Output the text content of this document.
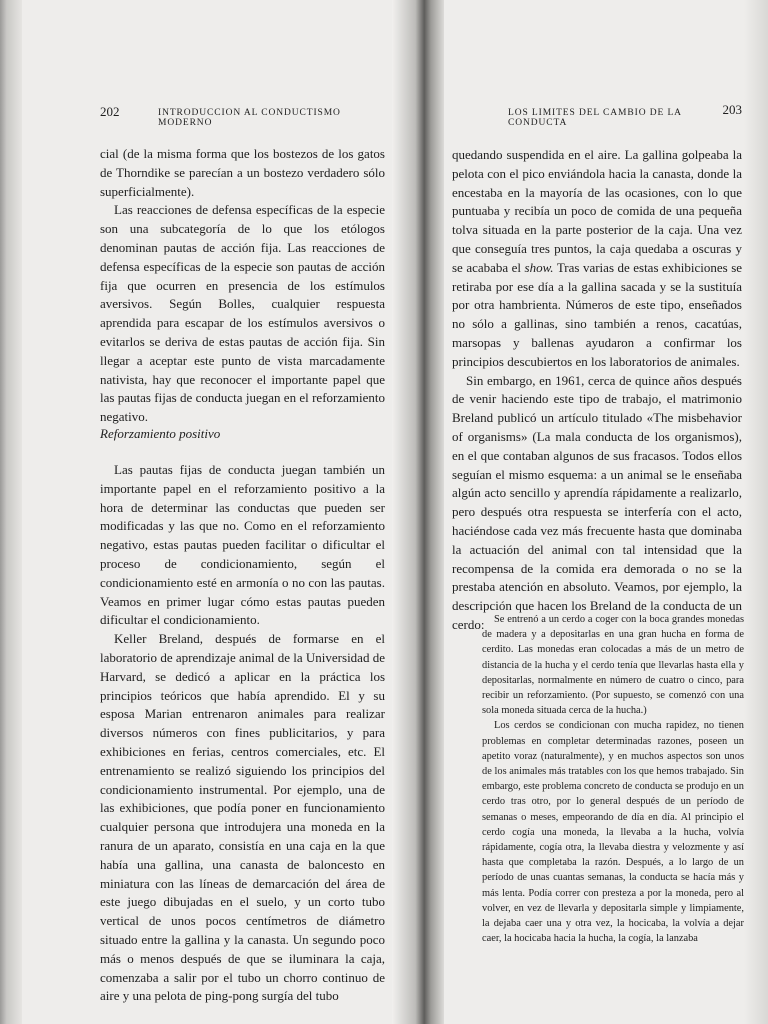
202	INTRODUCCION AL CONDUCTISMO MODERNO

cial (de la misma forma que los bostezos de los gatos de Thorndike se parecían a un bostezo verdadero sólo superficialmente).

Las reacciones de defensa específicas de la especie son una subcategoría de lo que los etólogos denominan pautas de acción fija. Las reacciones de defensa específicas de la especie son pautas de acción fija que ocurren en presencia de los estímulos aversivos. Según Bolles, cualquier respuesta aprendida para escapar de los estímulos aversivos o evitarlos se deriva de estas pautas de acción fija. Sin llegar a aceptar este punto de vista marcadamente nativista, hay que reconocer el importante papel que las pautas fijas de conducta juegan en el reforzamiento negativo.

Reforzamiento positivo

Las pautas fijas de conducta juegan también un importante papel en el reforzamiento positivo a la hora de determinar las conductas que pueden ser modificadas y las que no. Como en el reforzamiento negativo, estas pautas pueden facilitar o dificultar el proceso de condicionamiento, según el condicionamiento esté en armonía o no con las pautas. Veamos en primer lugar cómo estas pautas pueden dificultar el condicionamiento.

Keller Breland, después de formarse en el laboratorio de aprendizaje animal de la Universidad de Harvard, se dedicó a aplicar en la práctica los principios teóricos que había aprendido. El y su esposa Marian entrenaron animales para realizar diversos números con fines publicitarios, y para exhibiciones en ferias, centros comerciales, etc. El entrenamiento se realizó siguiendo los principios del condicionamiento instrumental. Por ejemplo, una de las exhibiciones, que podía poner en funcionamiento cualquier persona que introdujera una moneda en la ranura de un aparato, consistía en una caja en la que había una gallina, una canasta de baloncesto en miniatura con las líneas de demarcación del área de este juego dibujadas en el suelo, y un corto tubo vertical de unos pocos centímetros de diámetro situado entre la gallina y la canasta. Un segundo poco más o menos después de que se iluminara la caja, comenzaba a salir por el tubo un chorro continuo de aire y una pelota de ping-pong surgía del tubo

LOS LIMITES DEL CAMBIO DE LA CONDUCTA
203

quedando suspendida en el aire. La gallina golpeaba la pelota con el pico enviándola hacia la canasta, donde la encestaba en la mayoría de las ocasiones, con lo que puntuaba y recibía un poco de comida de una pequeña tolva situada en la parte posterior de la caja. Una vez que conseguía tres puntos, la caja quedaba a oscuras y se acababa el show. Tras varias de estas exhibiciones se retiraba por ese día a la gallina sacada y se la sustituía por otra hambrienta. Números de este tipo, enseñados no sólo a gallinas, sino también a renos, cacatúas, marsopas y ballenas ayudaron a confirmar los principios descubiertos en los laboratorios de animales.

Sin embargo, en 1961, cerca de quince años después de venir haciendo este tipo de trabajo, el matrimonio Breland publicó un artículo titulado «The misbehavior of organisms» (La mala conducta de los organismos), en el que contaban algunos de sus fracasos. Todos ellos seguían el mismo esquema: a un animal se le enseñaba algún acto sencillo y aprendía rápidamente a realizarlo, pero después otra respuesta se interfería con el acto, haciéndose cada vez más frecuente hasta que dominaba la actuación del animal con tal intensidad que la recompensa de la comida era demorada o no se la prestaba atención en absoluto. Veamos, por ejemplo, la descripción que hacen los Breland de la conducta de un cerdo: Se entrenó a un cerdo a coger con la boca grandes monedas de madera y a depositarlas en una gran hucha en forma de cerdito. Las monedas eran colocadas a más de un metro de distancia de la hucha y el cerdo tenía que llevarlas hasta ella y depositarlas, normalmente en número de cuatro o cinco, para recibir un reforzamiento. (Por supuesto, se comenzó con una sola moneda situada cerca de la hucha.)

Los cerdos se condicionan con mucha rapidez, no tienen problemas en completar determinadas razones, poseen un apetito voraz (naturalmente), y en muchos aspectos son unos de los animales más tratables con los que hemos trabajado. Sin embargo, este problema concreto de conducta se produjo en un cerdo tras otro, por lo general después de un período de semanas o meses, empeorando de día en día. Al principio el cerdo cogía una moneda, la llevaba a la hucha, volvía rápidamente, cogía otra, la llevaba diestra y velozmente y así hasta que completaba la razón. Después, a lo largo de un período de unas cuantas semanas, la conducta se hacía más y más lenta. Podía correr con presteza a por la moneda, pero al volver, en vez de llevarla y depositarla simple y limpiamente, la dejaba caer una y otra vez, la hocicaba, la volvía a dejar caer, la hocicaba hacia la hucha, la cogía, la lanzaba
